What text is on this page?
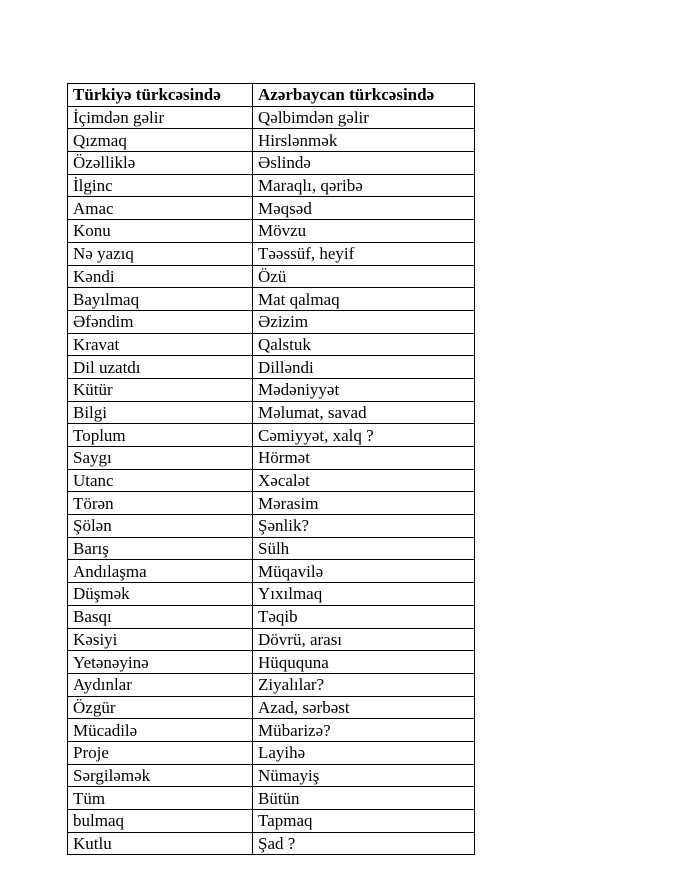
Türkiyə türkcəsində	Azərbaycan türkcəsində
İçimdən gəlir	Qəlbimdən gəlir
Qızmaq	Hirslənmək
Özəlliklə	Əslində
İlginc	Maraqlı, qəribə
Amac	Məqsəd
Konu	Mövzu
Nə yazıq	Təəssüf, heyif
Kəndi	Özü
Bayılmaq	Mat qalmaq
Əfəndim	Əzizim
Kravat	Qalstuk
Dil uzatdı	Dilləndi
Kütür	Mədəniyyət
Bilgi	Məlumat, savad
Toplum	Cəmiyyət, xalq ?
Saygı	Hörmət
Utanc	Xəcalət
Törən	Mərasim
Şölən	Şənlik?
Barış	Sülh
Andılaşma	Müqavilə
Düşmək	Yıxılmaq
Basqı	Təqib
Kəsiyi	Dövrü, arası
Yetənəyinə	Hüququna
Aydınlar	Ziyalılar?
Özgür	Azad, sərbəst
Mücadilə	Mübarizə?
Proje	Layihə
Sərgiləmək	Nümayiş
Tüm	Bütün
bulmaq	Tapmaq
Kutlu	Şad ?
